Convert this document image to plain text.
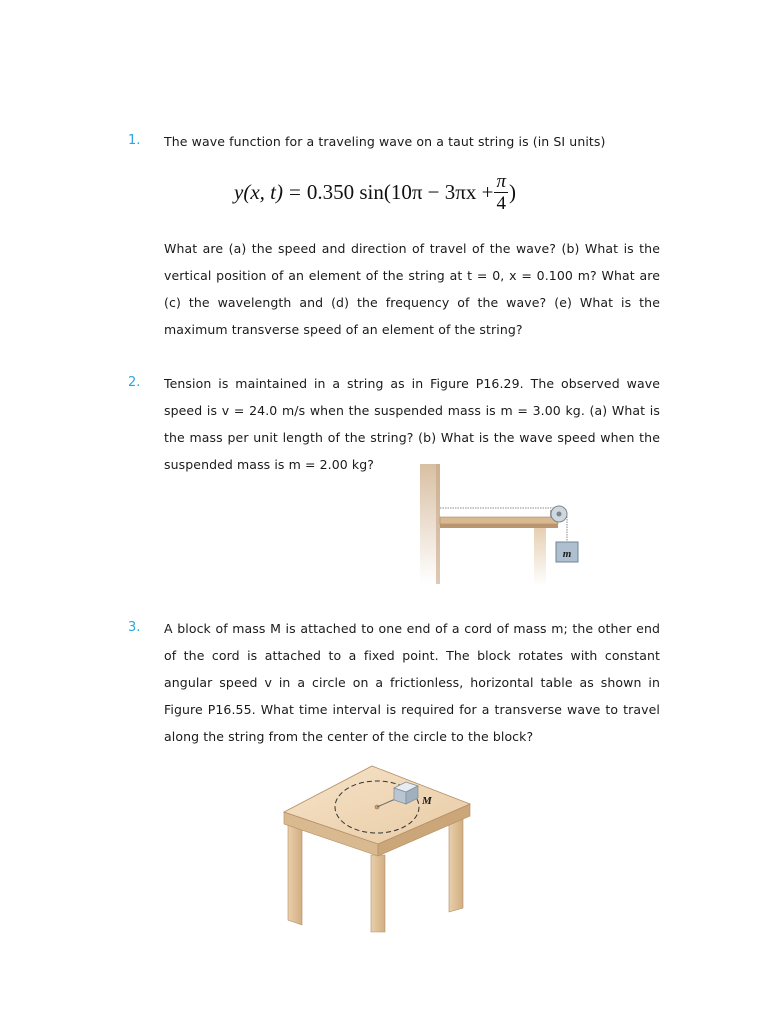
1. The wave function for a traveling wave on a taut string is (in SI units)

y(x, t) = 0.350 $\sin(10\pi - 3\pi x + \frac{\pi}{4}$ )

What are (a) the speed and direction of travel of the wave? (b) What is the
vertical position of an element of the string at t = 0, x = 0.100 m? What are
(c) the wavelength and (d) the frequency of the wave? (e) What is the
maximum transverse speed of an element of the string?

2. Tension is maintained in a string as in Figure P16.29. The observed wave
speed is v = 24.0 m/s when the suspended mass is m = 3.00 kg. (a) What is
the mass per unit length of the string? (b) What is the wave speed when the
suspended mass is m = 2.00 kg?

m
3. A block of mass M is attached to one end of a cord of mass m; the other end
of the cord is attached to a fixed point. The block rotates with constant
angular speed v in a circle on a frictionless, horizontal table as shown in
Figure P16.55. What time interval is required for a transverse wave to travel
along the string from the center of the circle to the block?

M
